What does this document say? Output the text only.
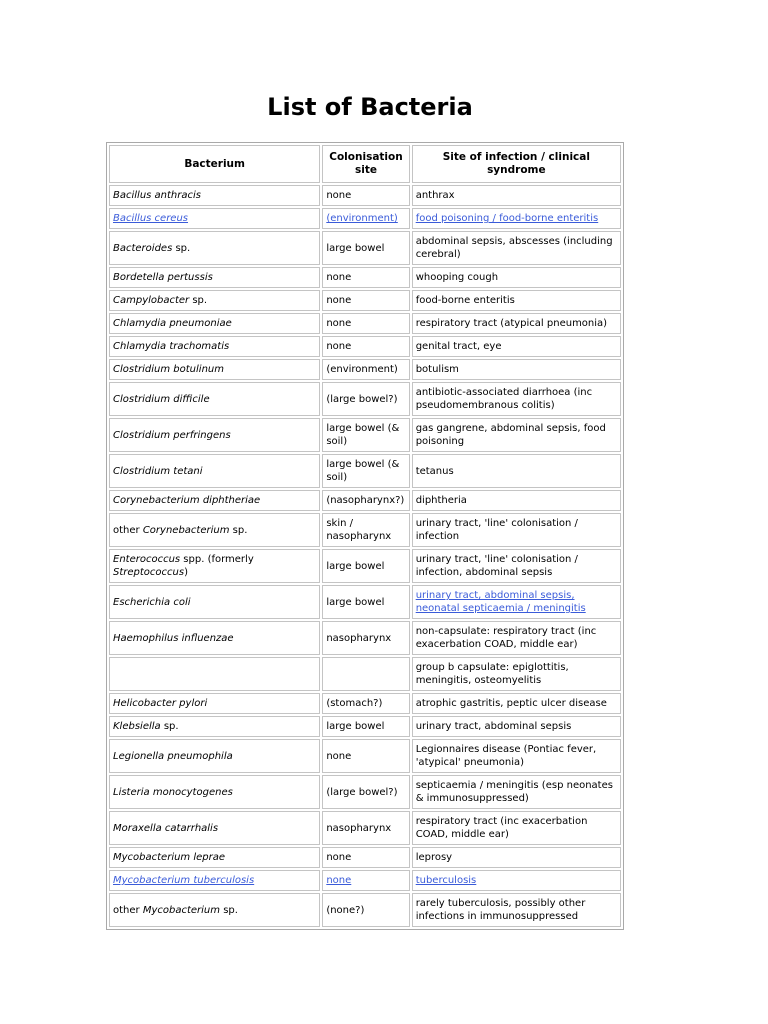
List of Bacteria
Bacterium	Colonisation site	Site of infection / clinical syndrome
Bacillus anthracis	none	anthrax
Bacillus cereus	(environment)	food poisoning / food-borne enteritis
Bacteroides sp.	large bowel	abdominal sepsis, abscesses (including cerebral)
Bordetella pertussis	none	whooping cough
Campylobacter sp.	none	food-borne enteritis
Chlamydia pneumoniae	none	respiratory tract (atypical pneumonia)
Chlamydia trachomatis	none	genital tract, eye
Clostridium botulinum	(environment)	botulism
Clostridium difficile	(large bowel?)	antibiotic-associated diarrhoea (inc pseudomembranous colitis)
Clostridium perfringens	large bowel (& soil)	gas gangrene, abdominal sepsis, food poisoning
Clostridium tetani	large bowel (& soil)	tetanus
Corynebacterium diphtheriae	(nasopharynx?)	diphtheria
other Corynebacterium sp.	skin / nasopharynx	urinary tract, 'line' colonisation / infection
Enterococcus spp. (formerly Streptococcus)	large bowel	urinary tract, 'line' colonisation / infection, abdominal sepsis
Escherichia coli	large bowel	urinary tract, abdominal sepsis, neonatal septicaemia / meningitis
Haemophilus influenzae	nasopharynx	non-capsulate: respiratory tract (inc exacerbation COAD, middle ear)
		group b capsulate: epiglottitis, meningitis, osteomyelitis
Helicobacter pylori	(stomach?)	atrophic gastritis, peptic ulcer disease
Klebsiella sp.	large bowel	urinary tract, abdominal sepsis
Legionella pneumophila	none	Legionnaires disease (Pontiac fever, 'atypical' pneumonia)
Listeria monocytogenes	(large bowel?)	septicaemia / meningitis (esp neonates & immunosuppressed)
Moraxella catarrhalis	nasopharynx	respiratory tract (inc exacerbation COAD, middle ear)
Mycobacterium leprae	none	leprosy
Mycobacterium tuberculosis	none	tuberculosis
other Mycobacterium sp.	(none?)	rarely tuberculosis, possibly other infections in immunosuppressed
